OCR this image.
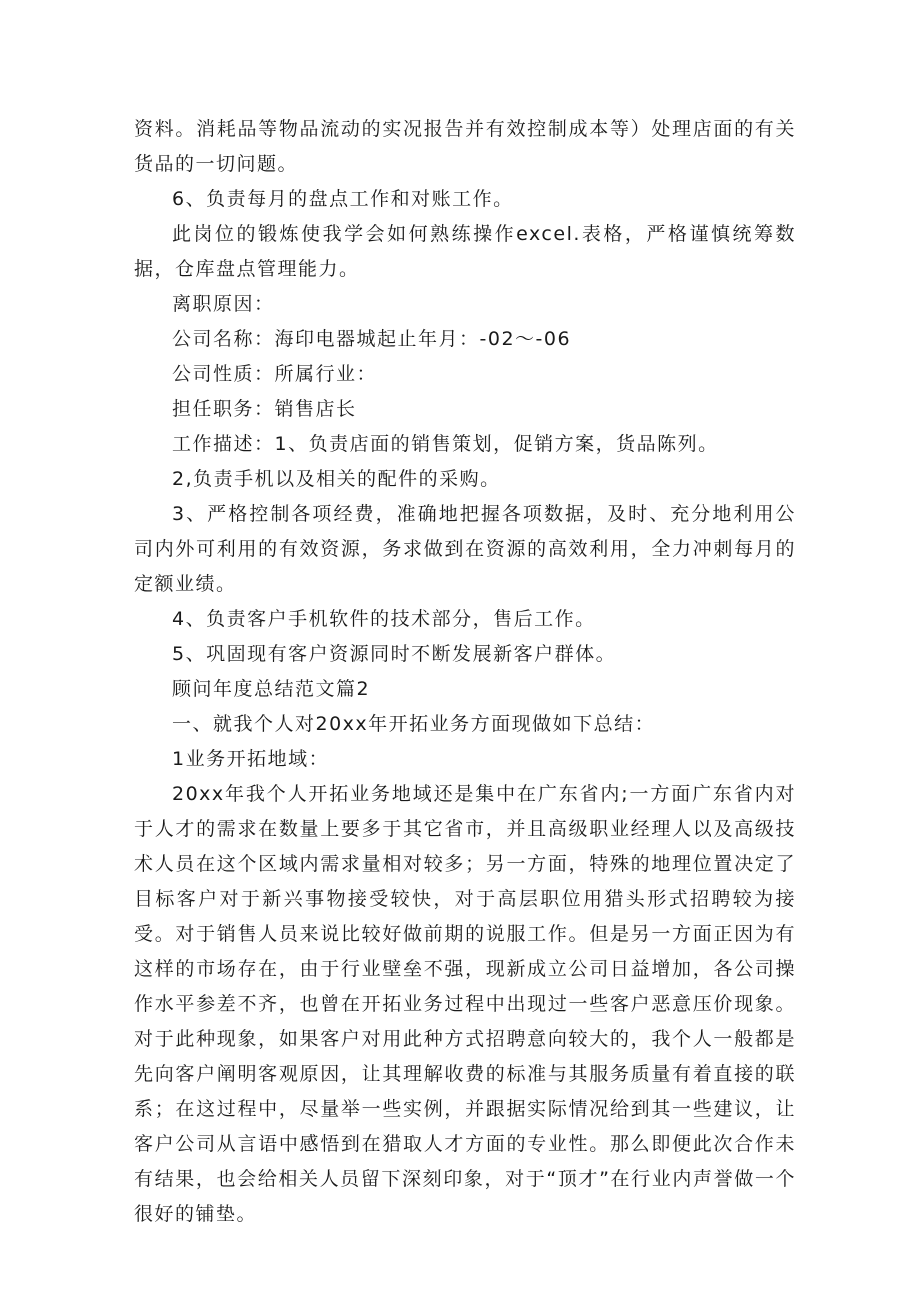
资料。消耗品等物品流动的实况报告并有效控制成本等）处理店面的有关货品的一切问题。

6、负责每月的盘点工作和对账工作。

此岗位的锻炼使我学会如何熟练操作excel.表格，严格谨慎统筹数据，仓库盘点管理能力。

离职原因：

公司名称：海印电器城起止年月：-02〜-06

公司性质：所属行业：

担任职务：销售店长

工作描述：1、负责店面的销售策划，促销方案，货品陈列。

2,负责手机以及相关的配件的采购。

3、严格控制各项经费，准确地把握各项数据，及时、充分地利用公司内外可利用的有效资源，务求做到在资源的高效利用，全力冲刺每月的定额业绩。

4、负责客户手机软件的技术部分，售后工作。

5、巩固现有客户资源同时不断发展新客户群体。

顾问年度总结范文篇2

一、就我个人对20xx年开拓业务方面现做如下总结：

1业务开拓地域：

20xx年我个人开拓业务地域还是集中在广东省内;一方面广东省内对于人才的需求在数量上要多于其它省市，并且高级职业经理人以及高级技术人员在这个区域内需求量相对较多；另一方面，特殊的地理位置决定了目标客户对于新兴事物接受较快，对于高层职位用猎头形式招聘较为接受。对于销售人员来说比较好做前期的说服工作。但是另一方面正因为有这样的市场存在，由于行业壁垒不强，现新成立公司日益增加，各公司操作水平参差不齐，也曾在开拓业务过程中出现过一些客户恶意压价现象。对于此种现象，如果客户对用此种方式招聘意向较大的，我个人一般都是先向客户阐明客观原因，让其理解收费的标准与其服务质量有着直接的联系；在这过程中，尽量举一些实例，并跟据实际情况给到其一些建议，让客户公司从言语中感悟到在猎取人才方面的专业性。那么即便此次合作未有结果，也会给相关人员留下深刻印象，对于“顶才”在行业内声誉做一个很好的铺垫。
